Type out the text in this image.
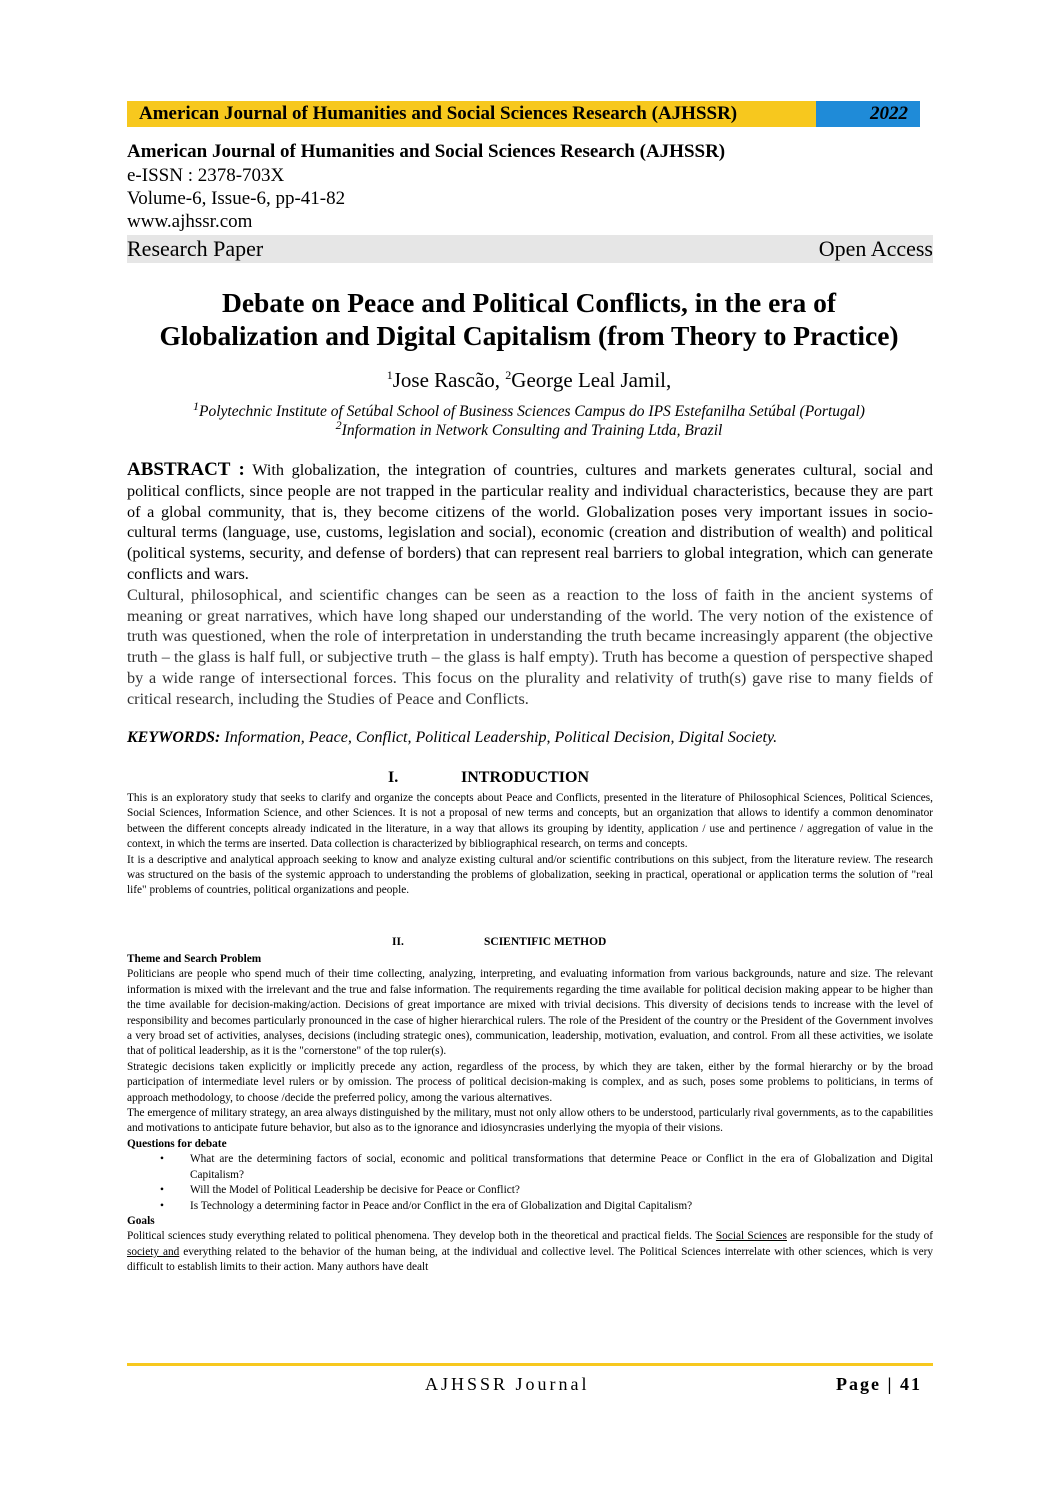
American Journal of Humanities and Social Sciences Research (AJHSSR)	2022
American Journal of Humanities and Social Sciences Research (AJHSSR)
e-ISSN : 2378-703X
Volume-6, Issue-6, pp-41-82
www.ajhssr.com
Research Paper	Open Access
Debate on Peace and Political Conflicts, in the era of
Globalization and Digital Capitalism (from Theory to Practice)
$^1$Jose Rascão, $^2$George Leal Jamil,
$^1$Polytechnic Institute of Setúbal School of Business Sciences Campus do IPS Estefanilha Setúbal (Portugal)
$^2$Information in Network Consulting and Training Ltda, Brazil

ABSTRACT : With globalization, the integration of countries, cultures and markets generates cultural, social and political conflicts, since people are not trapped in the particular reality and individual characteristics, because they are part of a global community, that is, they become citizens of the world. Globalization poses very important issues in socio-cultural terms (language, use, customs, legislation and social), economic (creation and distribution of wealth) and political (political systems, security, and defense of borders) that can represent real barriers to global integration, which can generate conflicts and wars.

Cultural, philosophical, and scientific changes can be seen as a reaction to the loss of faith in the ancient systems of meaning or great narratives, which have long shaped our understanding of the world. The very notion of the existence of truth was questioned, when the role of interpretation in understanding the truth became increasingly apparent (the objective truth – the glass is half full, or subjective truth – the glass is half empty). Truth has become a question of perspective shaped by a wide range of intersectional forces. This focus on the plurality and relativity of truth(s) gave rise to many fields of critical research, including the Studies of Peace and Conflicts.

KEYWORDS: Information, Peace, Conflict, Political Leadership, Political Decision, Digital Society.
I.	INTRODUCTION

This is an exploratory study that seeks to clarify and organize the concepts about Peace and Conflicts, presented in the literature of Philosophical Sciences, Political Sciences, Social Sciences, Information Science, and other Sciences. It is not a proposal of new terms and concepts, but an organization that allows to identify a common denominator between the different concepts already indicated in the literature, in a way that allows its grouping by identity, application / use and pertinence / aggregation of value in the context, in which the terms are inserted. Data collection is characterized by bibliographical research, on terms and concepts.

It is a descriptive and analytical approach seeking to know and analyze existing cultural and/or scientific contributions on this subject, from the literature review. The research was structured on the basis of the systemic approach to understanding the problems of globalization, seeking in practical, operational or application terms the solution of "real life" problems of countries, political organizations and people.

II.	SCIENTIFIC METHOD
Theme and Search Problem

Politicians are people who spend much of their time collecting, analyzing, interpreting, and evaluating information from various backgrounds, nature and size. The relevant information is mixed with the irrelevant and the true and false information. The requirements regarding the time available for political decision making appear to be higher than the time available for decision-making/action. Decisions of great importance are mixed with trivial decisions. This diversity of decisions tends to increase with the level of responsibility and becomes particularly pronounced in the case of higher hierarchical rulers. The role of the President of the country or the President of the Government involves a very broad set of activities, analyses, decisions (including strategic ones), communication, leadership, motivation, evaluation, and control. From all these activities, we isolate that of political leadership, as it is the "cornerstone" of the top ruler(s).

Strategic decisions taken explicitly or implicitly precede any action, regardless of the process, by which they are taken, either by the formal hierarchy or by the broad participation of intermediate level rulers or by omission. The process of political decision-making is complex, and as such, poses some problems to politicians, in terms of approach methodology, to choose /decide the preferred policy, among the various alternatives.

The emergence of military strategy, an area always distinguished by the military, must not only allow others to be understood, particularly rival governments, as to the capabilities and motivations to anticipate future behavior, but also as to the ignorance and idiosyncrasies underlying the myopia of their visions.

Questions for debate
• What are the determining factors of social, economic and political transformations that determine Peace or Conflict in the era of Globalization and Digital Capitalism?
• Will the Model of Political Leadership be decisive for Peace or Conflict?
• Is Technology a determining factor in Peace and/or Conflict in the era of Globalization and Digital Capitalism?
Goals

Political sciences study everything related to political phenomena. They develop both in the theoretical and practical fields. The Social Sciences are responsible for the study of society and everything related to the behavior of the human being, at the individual and collective level. The Political Sciences interrelate with other sciences, which is very difficult to establish limits to their action. Many authors have dealt

AJHSSR Journal	Page | 41
